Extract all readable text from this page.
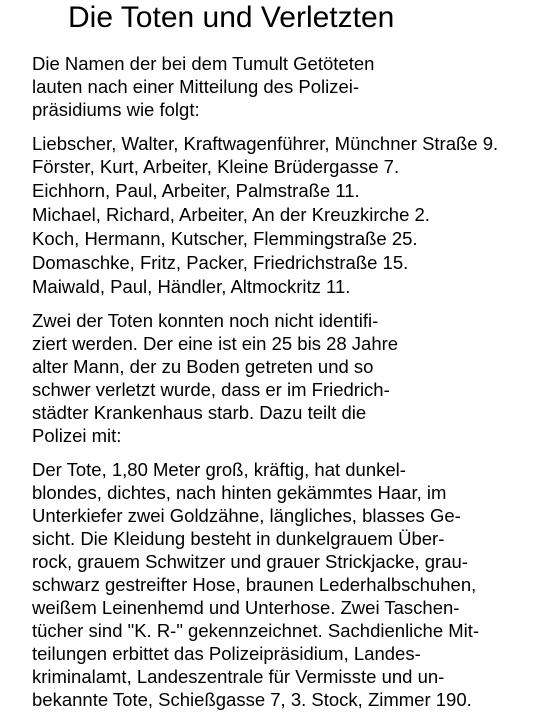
Die Toten und Verletzten
Die Namen der bei dem Tumult Getöteten
lauten nach einer Mitteilung des Polizei-
präsidiums wie folgt:
Liebscher, Walter, Kraftwagenführer, Münchner Straße 9.
Förster, Kurt, Arbeiter, Kleine Brüdergasse 7.
Eichhorn, Paul, Arbeiter, Palmstraße 11.
Michael, Richard, Arbeiter, An der Kreuzkirche 2.
Koch, Hermann, Kutscher, Flemmingstraße 25.
Domaschke, Fritz, Packer, Friedrichstraße 15.
Maiwald, Paul, Händler, Altmockritz 11.
Zwei der Toten konnten noch nicht identifi-
ziert werden. Der eine ist ein 25 bis 28 Jahre
alter Mann, der zu Boden getreten und so
schwer verletzt wurde, dass er im Friedrich-
städter Krankenhaus starb. Dazu teilt die
Polizei mit:
Der Tote, 1,80 Meter groß, kräftig, hat dunkel-
blondes, dichtes, nach hinten gekämmtes Haar, im
Unterkiefer zwei Goldzähne, längliches, blasses Ge-
sicht. Die Kleidung besteht in dunkelgrauem Über-
rock, grauem Schwitzer und grauer Strickjacke, grau-
schwarz gestreifter Hose, braunen Lederhalbschuhen,
weißem Leinenhemd und Unterhose. Zwei Taschen-
tücher sind "K. R-" gekennzeichnet. Sachdienliche Mit-
teilungen erbittet das Polizeipräsidium, Landes-
kriminalamt, Landeszentrale für Vermisste und un-
bekannte Tote, Schießgasse 7, 3. Stock, Zimmer 190.
